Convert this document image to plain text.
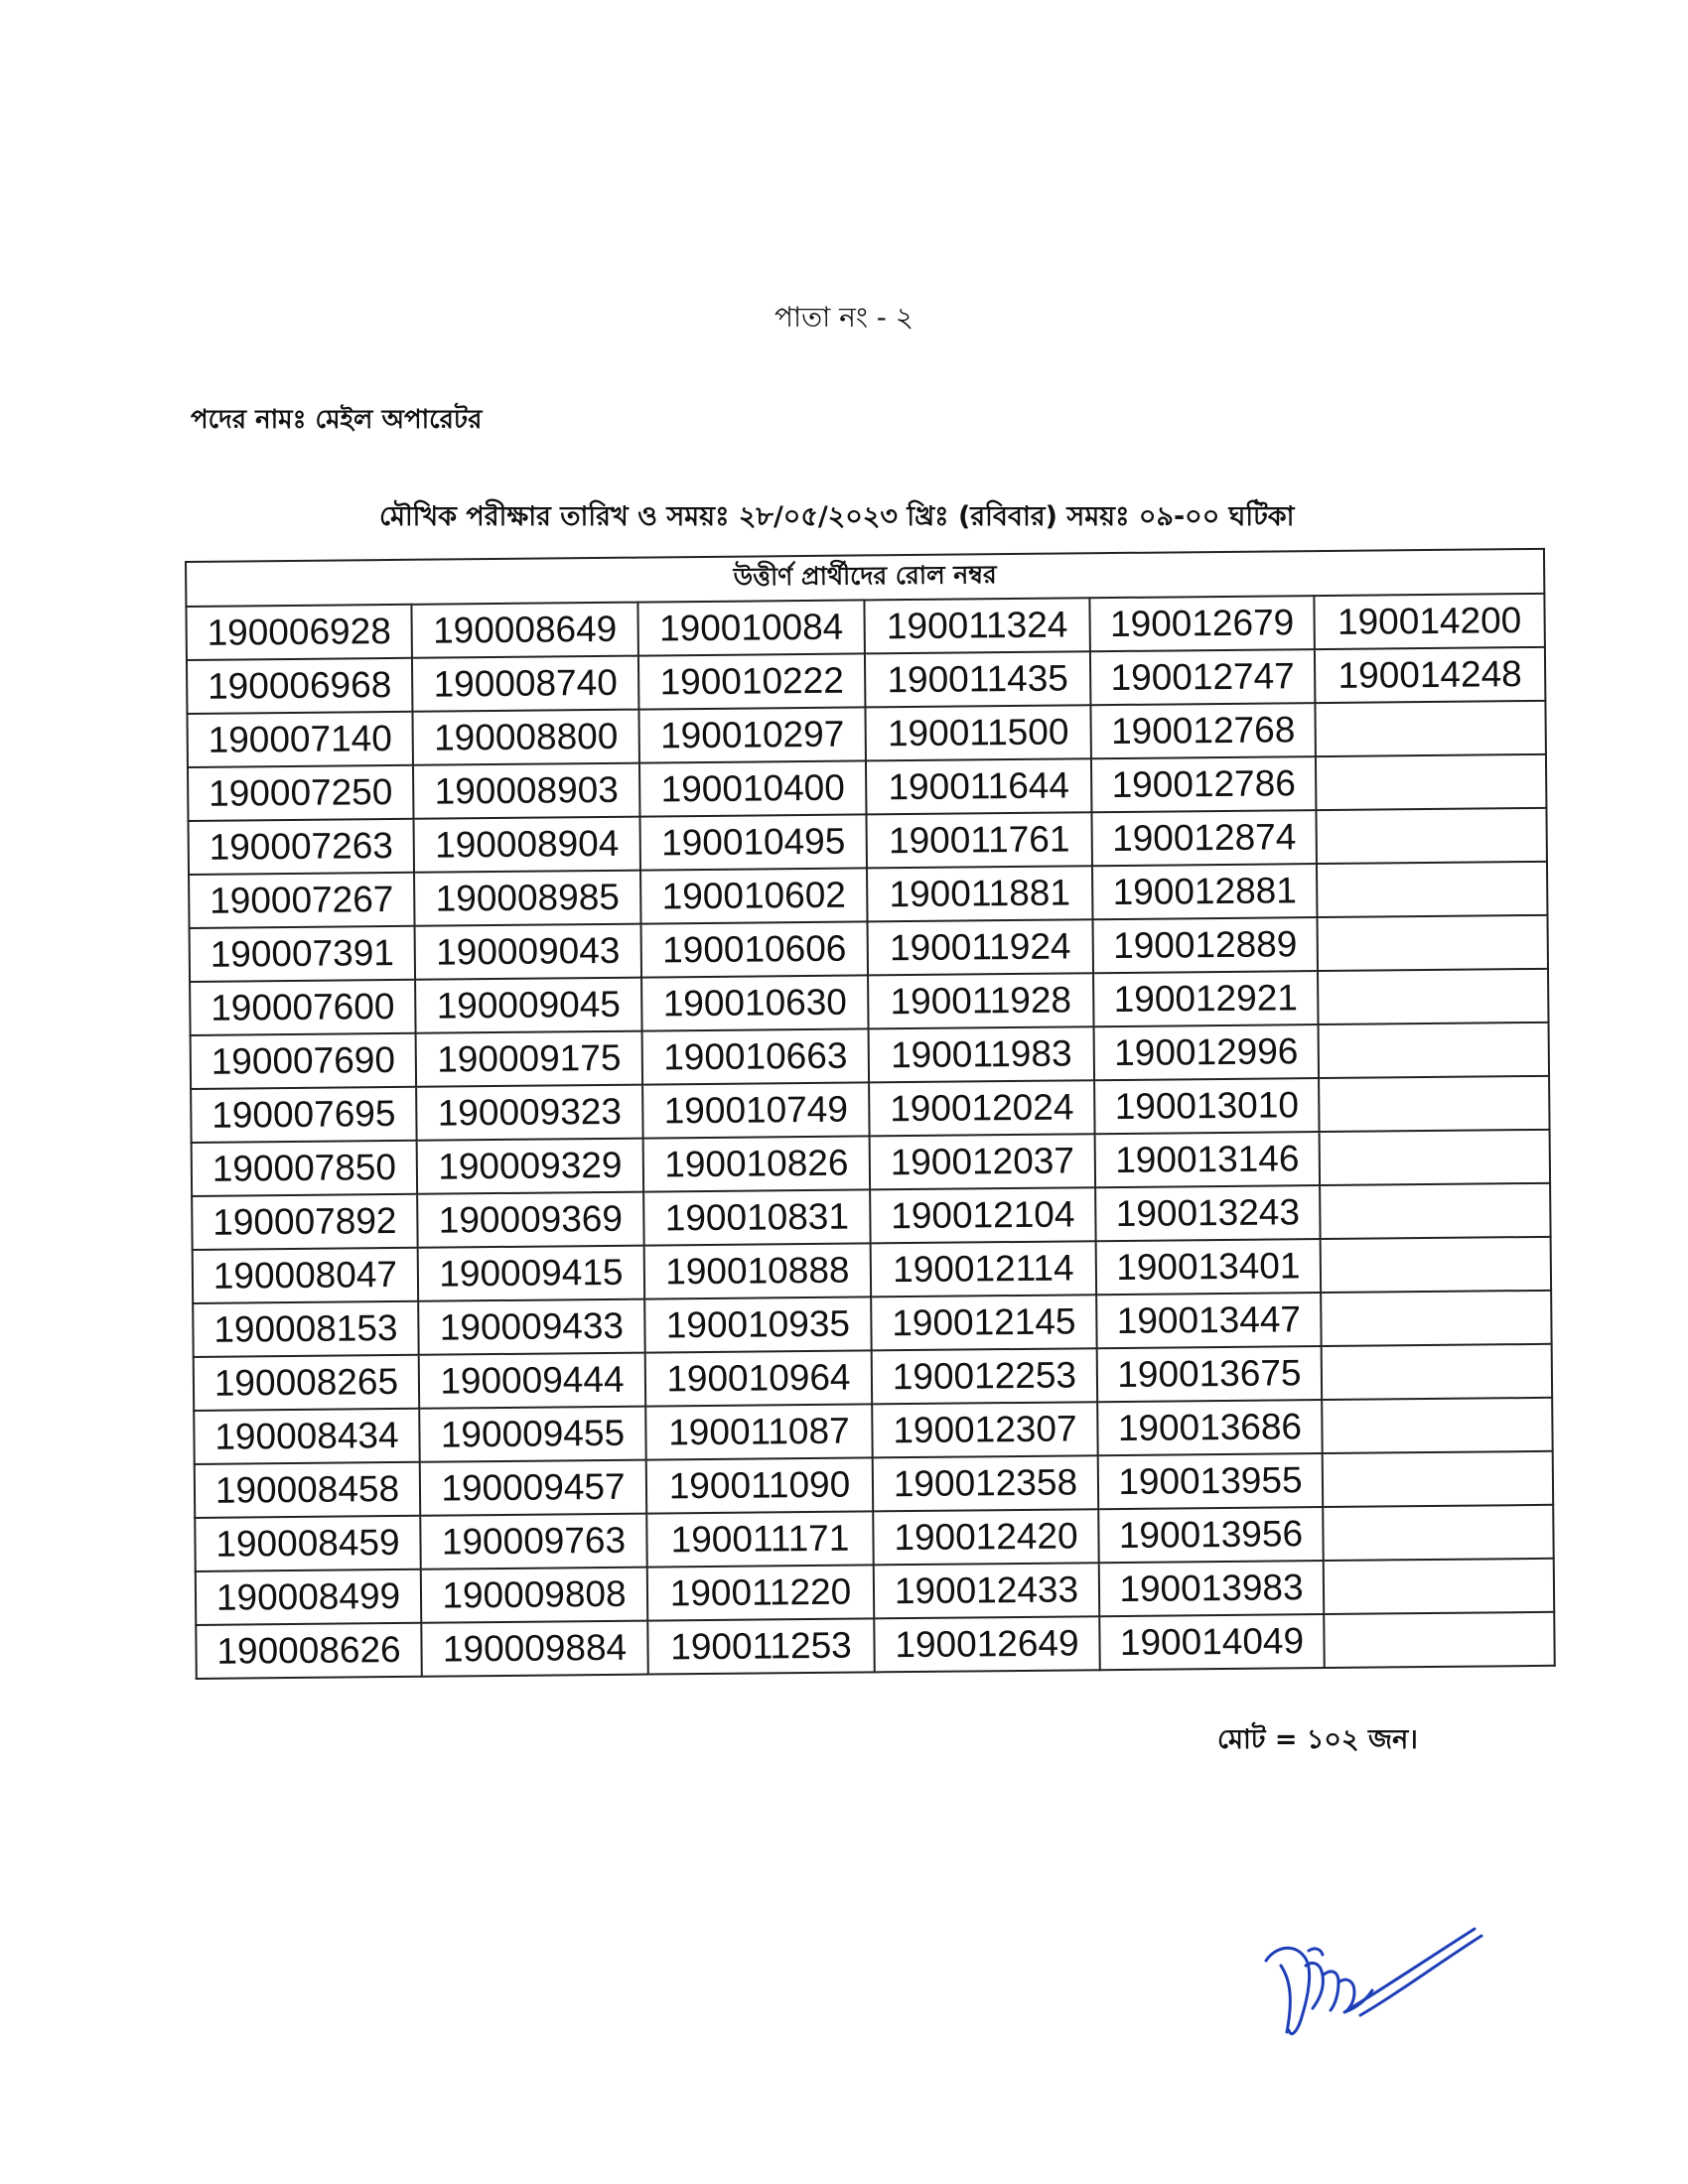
পাতা নং - ২
পদের নামঃ মেইল অপারেটর
মৌখিক পরীক্ষার তারিখ ও সময়ঃ ২৮/০৫/২০২৩ খ্রিঃ (রবিবার) সময়ঃ ০৯-০০ ঘটিকা
উত্তীর্ণ প্রার্থীদের রোল নম্বর					
190006928	190008649	190010084	190011324	190012679	190014200
190006968	190008740	190010222	190011435	190012747	190014248
190007140	190008800	190010297	190011500	190012768	
190007250	190008903	190010400	190011644	190012786	
190007263	190008904	190010495	190011761	190012874	
190007267	190008985	190010602	190011881	190012881	
190007391	190009043	190010606	190011924	190012889	
190007600	190009045	190010630	190011928	190012921	
190007690	190009175	190010663	190011983	190012996	
190007695	190009323	190010749	190012024	190013010	
190007850	190009329	190010826	190012037	190013146	
190007892	190009369	190010831	190012104	190013243	
190008047	190009415	190010888	190012114	190013401	
190008153	190009433	190010935	190012145	190013447	
190008265	190009444	190010964	190012253	190013675	
190008434	190009455	190011087	190012307	190013686	
190008458	190009457	190011090	190012358	190013955	
190008459	190009763	190011171	190012420	190013956	
190008499	190009808	190011220	190012433	190013983	
190008626	190009884	190011253	190012649	190014049	
মোট = ১০২ জন।
